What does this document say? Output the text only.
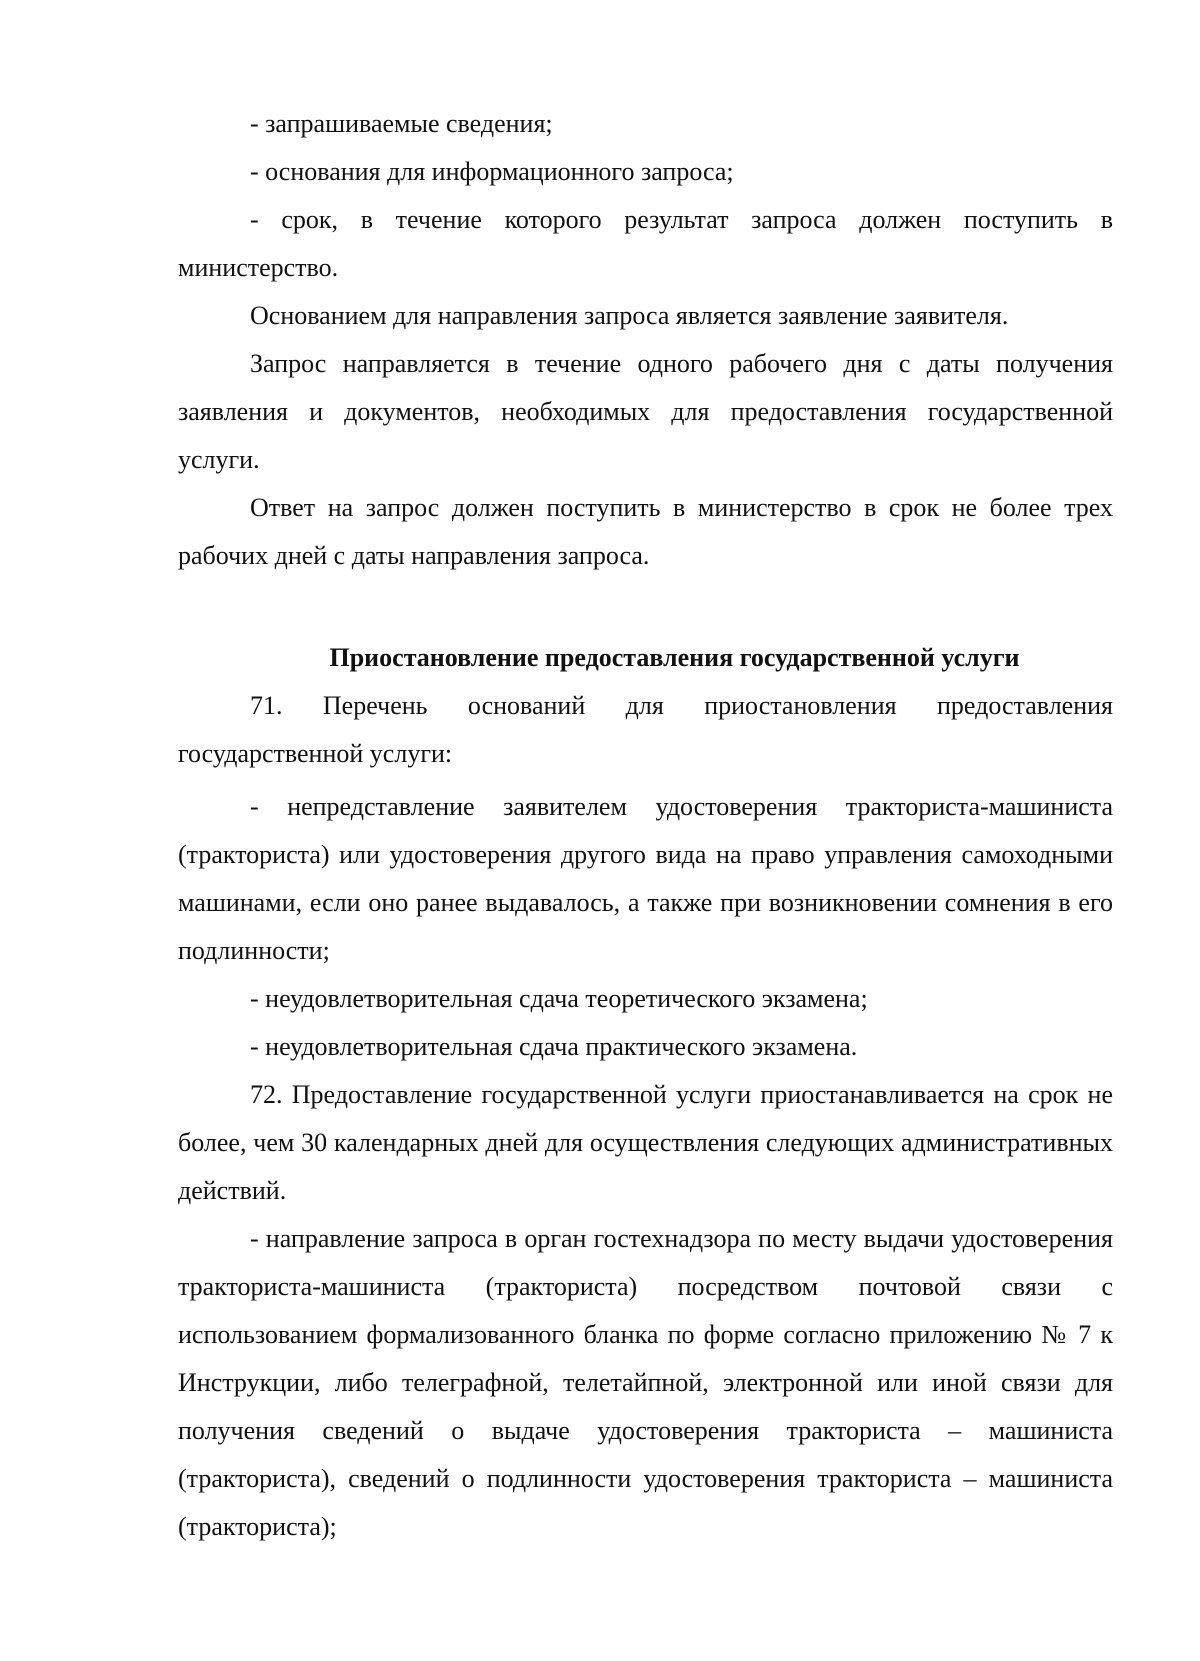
- запрашиваемые сведения;

- основания для информационного запроса;

- срок, в течение которого результат запроса должен поступить в министерство.

Основанием для направления запроса является заявление заявителя.

Запрос направляется в течение одного рабочего дня с даты получения заявления и документов, необходимых для предоставления государственной услуги.

Ответ на запрос должен поступить в министерство в срок не более трех рабочих дней с даты направления запроса.

Приостановление предоставления государственной услуги

71. Перечень оснований для приостановления предоставления государственной услуги:

- непредставление заявителем удостоверения тракториста-машиниста (тракториста) или удостоверения другого вида на право управления самоходными машинами, если оно ранее выдавалось, а также при возникновении сомнения в его подлинности;

- неудовлетворительная сдача теоретического экзамена;

- неудовлетворительная сдача практического экзамена.

72. Предоставление государственной услуги приостанавливается на срок не более, чем 30 календарных дней для осуществления следующих административных действий.

- направление запроса в орган гостехнадзора по месту выдачи удостоверения тракториста-машиниста (тракториста) посредством почтовой связи с использованием формализованного бланка по форме согласно приложению № 7 к Инструкции, либо телеграфной, телетайпной, электронной или иной связи для получения сведений о выдаче удостоверения тракториста – машиниста (тракториста), сведений о подлинности удостоверения тракториста – машиниста (тракториста);
